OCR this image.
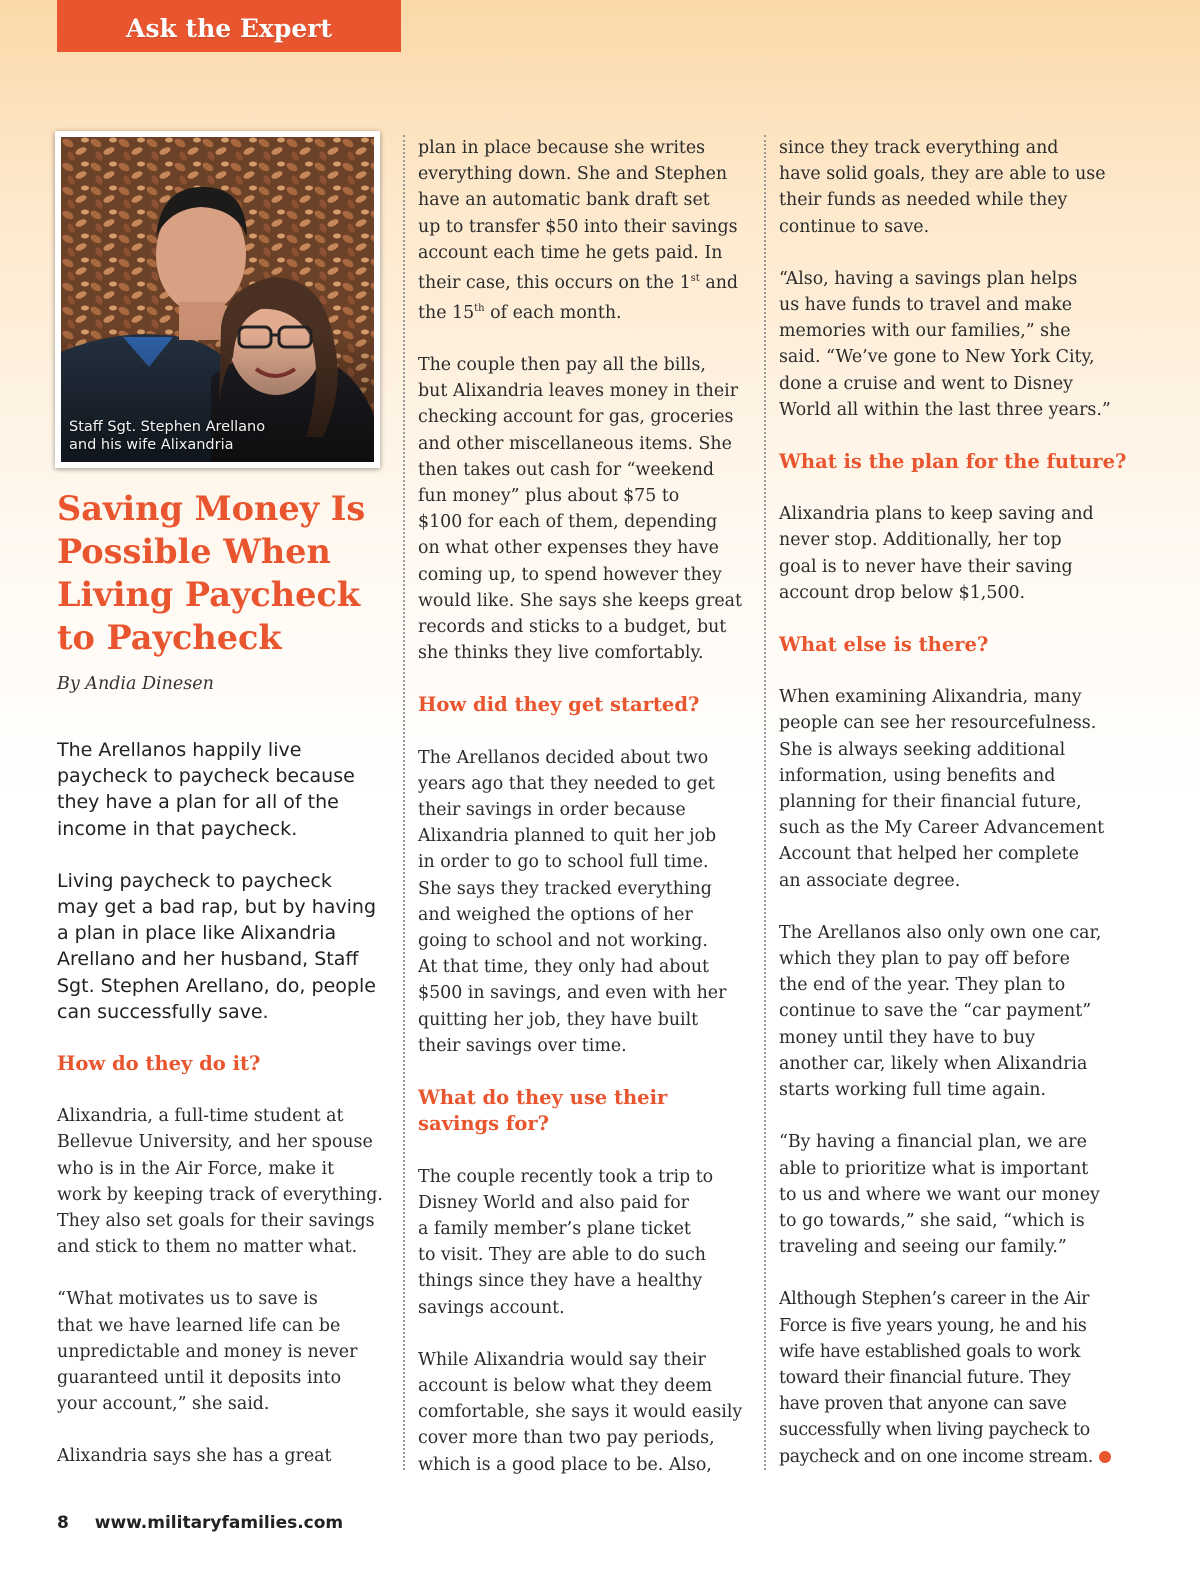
Ask the Expert
Staff Sgt. Stephen Arellano
and his wife Alixandria
Saving Money Is
Possible When
Living Paycheck
to Paycheck
By Andia Dinesen

The Arellanos happily live
paycheck to paycheck because
they have a plan for all of the
income in that paycheck.

Living paycheck to paycheck
may get a bad rap, but by having
a plan in place like Alixandria
Arellano and her husband, Staff
Sgt. Stephen Arellano, do, people
can successfully save.

How do they do it?

Alixandria, a full-time student at
Bellevue University, and her spouse
who is in the Air Force, make it
work by keeping track of everything.
They also set goals for their savings
and stick to them no matter what.

“What motivates us to save is
that we have learned life can be
unpredictable and money is never
guaranteed until it deposits into
your account,” she said.

Alixandria says she has a great

plan in place because she writes
everything down. She and Stephen
have an automatic bank draft set
up to transfer $50 into their savings
account each time he gets paid. In
their case, this occurs on the 1st and
the 15th of each month.

The couple then pay all the bills,
but Alixandria leaves money in their
checking account for gas, groceries
and other miscellaneous items. She
then takes out cash for “weekend
fun money” plus about $75 to
$100 for each of them, depending
on what other expenses they have
coming up, to spend however they
would like. She says she keeps great
records and sticks to a budget, but
she thinks they live comfortably.

How did they get started?

The Arellanos decided about two
years ago that they needed to get
their savings in order because
Alixandria planned to quit her job
in order to go to school full time.
She says they tracked everything
and weighed the options of her
going to school and not working.
At that time, they only had about
$500 in savings, and even with her
quitting her job, they have built
their savings over time.

What do they use their
savings for?

The couple recently took a trip to
Disney World and also paid for
a family member’s plane ticket
to visit. They are able to do such
things since they have a healthy
savings account.

While Alixandria would say their
account is below what they deem
comfortable, she says it would easily
cover more than two pay periods,
which is a good place to be. Also,

since they track everything and
have solid goals, they are able to use
their funds as needed while they
continue to save.

“Also, having a savings plan helps
us have funds to travel and make
memories with our families,” she
said. “We’ve gone to New York City,
done a cruise and went to Disney
World all within the last three years.”

What is the plan for the future?

Alixandria plans to keep saving and
never stop. Additionally, her top
goal is to never have their saving
account drop below $1,500.

What else is there?

When examining Alixandria, many
people can see her resourcefulness.
She is always seeking additional
information, using benefits and
planning for their financial future,
such as the My Career Advancement
Account that helped her complete
an associate degree.

The Arellanos also only own one car,
which they plan to pay off before
the end of the year. They plan to
continue to save the “car payment”
money until they have to buy
another car, likely when Alixandria
starts working full time again.

“By having a financial plan, we are
able to prioritize what is important
to us and where we want our money
to go towards,” she said, “which is
traveling and seeing our family.”

Although Stephen’s career in the Air
Force is five years young, he and his
wife have established goals to work
toward their financial future. They
have proven that anyone can save
successfully when living paycheck to
paycheck and on one income stream.

8 www.militaryfamilies.com
